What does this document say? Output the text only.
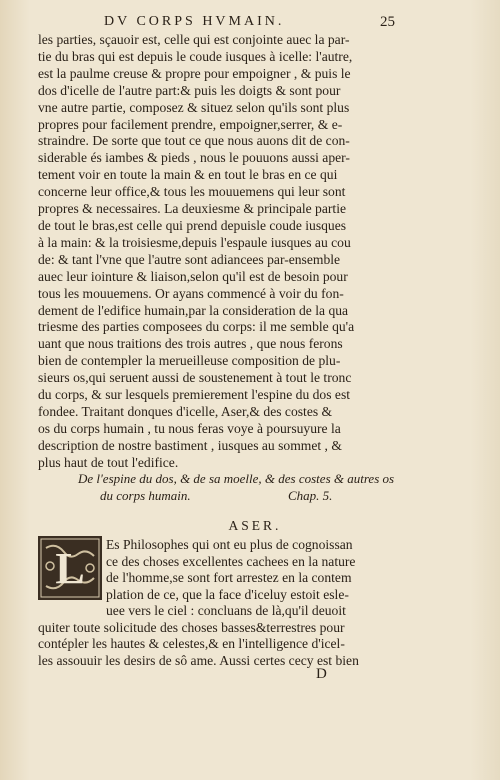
DV CORPS HVMAIN.	25
les parties, sçauoir est, celle qui est conjointe auec la par-
tie du bras qui est depuis le coude iusques à icelle: l'autre,
est la paulme creuse & propre pour empoigner , & puis le
dos d'icelle de l'autre part:& puis les doigts & sont pour
vne autre partie, composez & situez selon qu'ils sont plus
propres pour facilement prendre, empoigner,serrer, & e-
straindre. De sorte que tout ce que nous auons dit de con-
siderable és iambes & pieds , nous le pouuons aussi aper-
tement voir en toute la main & en tout le bras en ce qui
concerne leur office,& tous les mouuemens qui leur sont
propres & necessaires. La deuxiesme & principale partie
de tout le bras,est celle qui prend depuisle coude iusques
à la main: & la troisiesme,depuis l'espaule iusques au cou
de: & tant l'vne que l'autre sont adiancees par-ensemble
auec leur iointure & liaison,selon qu'il est de besoin pour
tous les mouuemens. Or ayans commencé à voir du fon-
dement de l'edifice humain,par la consideration de la qua
triesme des parties composees du corps: il me semble qu'a
uant que nous traitions des trois autres , que nous ferons
bien de contempler la merueilleuse composition de plu-
sieurs os,qui seruent aussi de soustenement à tout le tronc
du corps, & sur lesquels premierement l'espine du dos est
fondee. Traitant donques d'icelle, Aser,& des costes &
os du corps humain , tu nous feras voye à poursuyure la
description de nostre bastiment , iusques au sommet , &
plus haut de tout l'edifice.
De l'espine du dos, & de sa moelle, & des costes & autres os
du corps humain.	Chap. 5.
ASER.
L	Es Philosophes qui ont eu plus de cognoissan
ce des choses excellentes cachees en la nature
de l'homme,se sont fort arrestez en la contem
plation de ce, que la face d'iceluy estoit esle-
uee vers le ciel : concluans de là,qu'il deuoit
quiter toute solicitude des choses basses&terrestres pour
contépler les hautes & celestes,& en l'intelligence d'icel-
les assouuir les desirs de sô ame. Aussi certes cecy est bien
D
